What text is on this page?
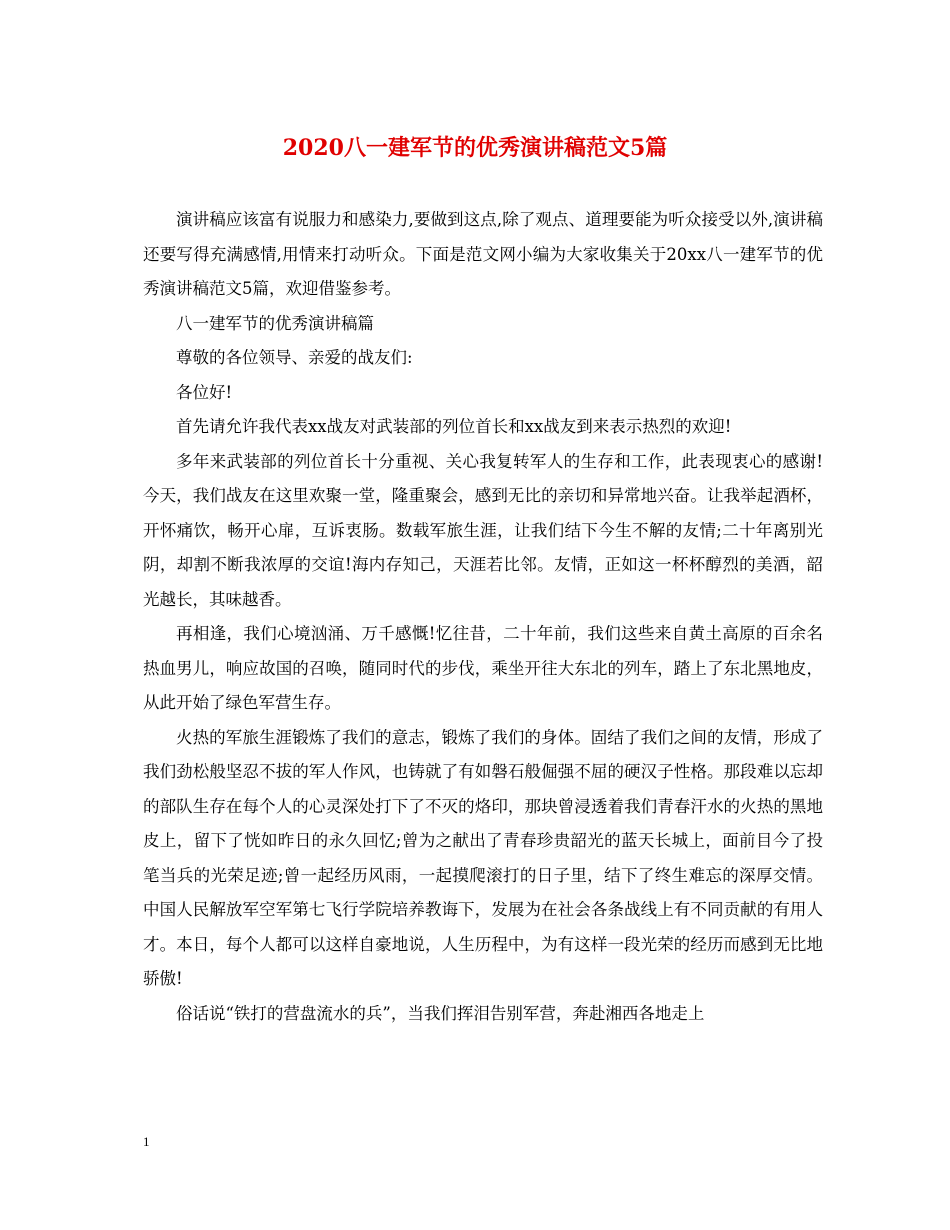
2020八一建军节的优秀演讲稿范文5篇

演讲稿应该富有说服力和感染力,要做到这点,除了观点、道理要能为听众接受以外,演讲稿还要写得充满感情,用情来打动听众。下面是范文网小编为大家收集关于20xx八一建军节的优秀演讲稿范文5篇，欢迎借鉴参考。

八一建军节的优秀演讲稿篇

尊敬的各位领导、亲爱的战友们:

各位好!

首先请允许我代表xx战友对武装部的列位首长和xx战友到来表示热烈的欢迎!

多年来武装部的列位首长十分重视、关心我复转军人的生存和工作，此表现衷心的感谢!今天，我们战友在这里欢聚一堂，隆重聚会，感到无比的亲切和异常地兴奋。让我举起酒杯，开怀痛饮，畅开心扉，互诉衷肠。数载军旅生涯，让我们结下今生不解的友情;二十年离别光阴，却割不断我浓厚的交谊!海内存知己，天涯若比邻。友情，正如这一杯杯醇烈的美酒，韶光越长，其味越香。

再相逢，我们心境汹涌、万千感慨!忆往昔，二十年前，我们这些来自黄土高原的百余名热血男儿，响应故国的召唤，随同时代的步伐，乘坐开往大东北的列车，踏上了东北黑地皮，从此开始了绿色军营生存。

火热的军旅生涯锻炼了我们的意志，锻炼了我们的身体。固结了我们之间的友情，形成了我们劲松般坚忍不拔的军人作风，也铸就了有如磐石般倔强不屈的硬汉子性格。那段难以忘却的部队生存在每个人的心灵深处打下了不灭的烙印，那块曾浸透着我们青春汗水的火热的黑地皮上，留下了恍如昨日的永久回忆;曾为之献出了青春珍贵韶光的蓝天长城上，面前目今了投笔当兵的光荣足迹;曾一起经历风雨，一起摸爬滚打的日子里，结下了终生难忘的深厚交情。中国人民解放军空军第七飞行学院培养教诲下，发展为在社会各条战线上有不同贡献的有用人才。本日，每个人都可以这样自豪地说，人生历程中，为有这样一段光荣的经历而感到无比地骄傲!

俗话说“铁打的营盘流水的兵”，当我们挥泪告别军营，奔赴湘西各地走上

1
